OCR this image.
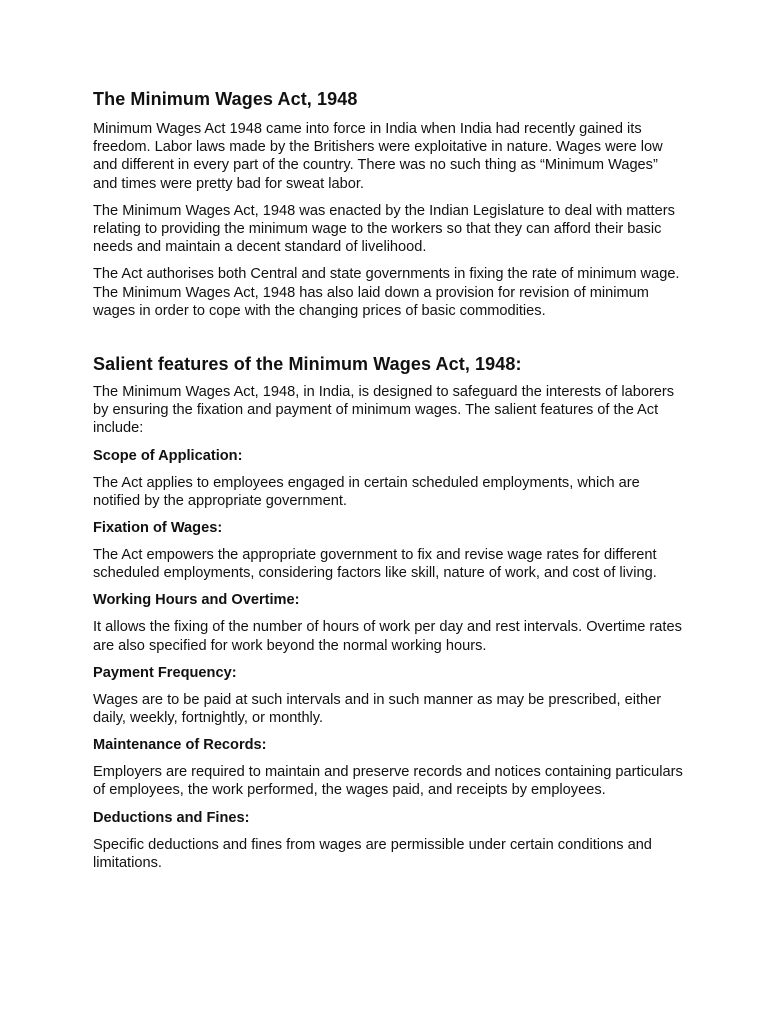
The Minimum Wages Act, 1948

Minimum Wages Act 1948 came into force in India when India had recently gained its freedom. Labor laws made by the Britishers were exploitative in nature. Wages were low and different in every part of the country. There was no such thing as “Minimum Wages” and times were pretty bad for sweat labor.

The Minimum Wages Act, 1948 was enacted by the Indian Legislature to deal with matters relating to providing the minimum wage to the workers so that they can afford their basic needs and maintain a decent standard of livelihood.

The Act authorises both Central and state governments in fixing the rate of minimum wage. The Minimum Wages Act, 1948 has also laid down a provision for revision of minimum wages in order to cope with the changing prices of basic commodities.

Salient features of the Minimum Wages Act, 1948:

The Minimum Wages Act, 1948, in India, is designed to safeguard the interests of laborers by ensuring the fixation and payment of minimum wages. The salient features of the Act include:

Scope of Application:

The Act applies to employees engaged in certain scheduled employments, which are notified by the appropriate government.

Fixation of Wages:

The Act empowers the appropriate government to fix and revise wage rates for different scheduled employments, considering factors like skill, nature of work, and cost of living.

Working Hours and Overtime:

It allows the fixing of the number of hours of work per day and rest intervals. Overtime rates are also specified for work beyond the normal working hours.

Payment Frequency:

Wages are to be paid at such intervals and in such manner as may be prescribed, either daily, weekly, fortnightly, or monthly.

Maintenance of Records:

Employers are required to maintain and preserve records and notices containing particulars of employees, the work performed, the wages paid, and receipts by employees.

Deductions and Fines:

Specific deductions and fines from wages are permissible under certain conditions and limitations.
